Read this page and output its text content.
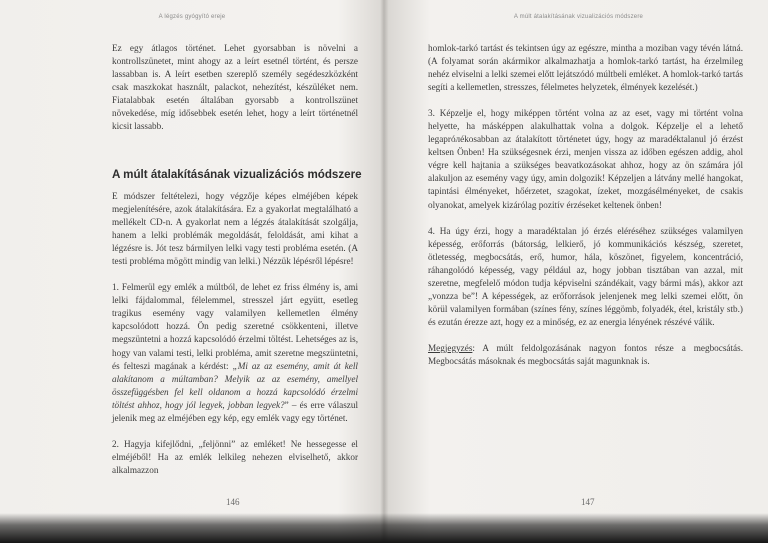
A légzés gyógyító ereje

Ez egy átlagos történet. Lehet gyorsabban is növelni a kontrollszünetet, mint ahogy az a leírt esetnél történt, és persze lassabban is. A leírt esetben szereplő személy segédeszközként csak maszkokat használt, palackot, nehezítést, készüléket nem. Fiatalabbak esetén általában gyorsabb a kontrollszünet növekedése, míg idősebbek esetén lehet, hogy a leírt történetnél kicsit lassabb.

A múlt átalakításának vizualizációs módszere

E módszer feltételezi, hogy végzője képes elméjében képek megjelenítésére, azok átalakítására. Ez a gyakorlat megtalálható a mellékelt CD-n. A gyakorlat nem a légzés átalakítását szolgálja, hanem a lelki problémák megoldását, feloldását, ami kihat a légzésre is. Jót tesz bármilyen lelki vagy testi probléma esetén. (A testi probléma mögött mindig van lelki.) Nézzük lépésről lépésre!

1. Felmerül egy emlék a múltból, de lehet ez friss élmény is, ami lelki fájdalommal, félelemmel, stresszel járt együtt, esetleg tragikus esemény vagy valamilyen kellemetlen élmény kapcsolódott hozzá. Ön pedig szeretné csökkenteni, illetve megszüntetni a hozzá kapcsolódó érzelmi töltést. Lehetséges az is, hogy van valami testi, lelki probléma, amit szeretne megszüntetni, és felteszi magának a kérdést: „Mi az az esemény, amit át kell alakítanom a múltamban? Melyik az az esemény, amellyel összefüggésben fel kell oldanom a hozzá kapcsolódó érzelmi töltést ahhoz, hogy jól legyek, jobban legyek?” – és erre válaszul jelenik meg az elméjében egy kép, egy emlék vagy egy történet.

2. Hagyja kifejlődni, „feljönni” az emléket! Ne hessegesse el elméjéből! Ha az emlék lelkileg nehezen elviselhető, akkor alkalmazzon

146
A múlt átalakításának vizualizációs módszere

homlok-tarkó tartást és tekintsen úgy az egészre, mintha a moziban vagy tévén látná. (A folyamat során akármikor alkalmazhatja a homlok-tarkó tartást, ha érzelmileg nehéz elviselni a lelki szemei előtt lejátszódó múltbeli emléket. A homlok-tarkó tartás segíti a kellemetlen, stresszes, félelmetes helyzetek, élmények kezelését.)

3. Képzelje el, hogy miképpen történt volna az az eset, vagy mi történt volna helyette, ha másképpen alakulhattak volna a dolgok. Képzelje el a lehető legapróлékosabban az átalakított történetet úgy, hogy az maradéktalanul jó érzést keltsen Önben! Ha szükségesnek érzi, menjen vissza az időben egészen addig, ahol végre kell hajtania a szükséges beavatkozásokat ahhoz, hogy az ön számára jól alakuljon az esemény vagy úgy, amin dolgozik! Képzeljen a látvány mellé hangokat, tapintási élményeket, hőérzetet, szagokat, ízeket, mozgásélményeket, de csakis olyanokat, amelyek kizárólag pozitív érzéseket keltenek önben!

4. Ha úgy érzi, hogy a maradéktalan jó érzés eléréséhez szükséges valamilyen képesség, erőforrás (bátorság, lelkierő, jó kommunikációs készség, szeretet, ötletesség, megbocsátás, erő, humor, hála, köszönet, figyelem, koncentráció, ráhangolódó képesség, vagy például az, hogy jobban tisztában van azzal, mit szeretne, megfelelő módon tudja képviselni szándékait, vagy bármi más), akkor azt „vonzza be”! A képességek, az erőforrások jelenjenek meg lelki szemei előtt, ön körül valamilyen formában (színes fény, színes léggömb, folyadék, étel, kristály stb.) és ezután érezze azt, hogy ez a minőség, ez az energia lényének részévé válik.

Megjegyzés: A múlt feldolgozásának nagyon fontos része a megbocsátás. Megbocsátás másoknak és megbocsátás saját magunknak is.

147
